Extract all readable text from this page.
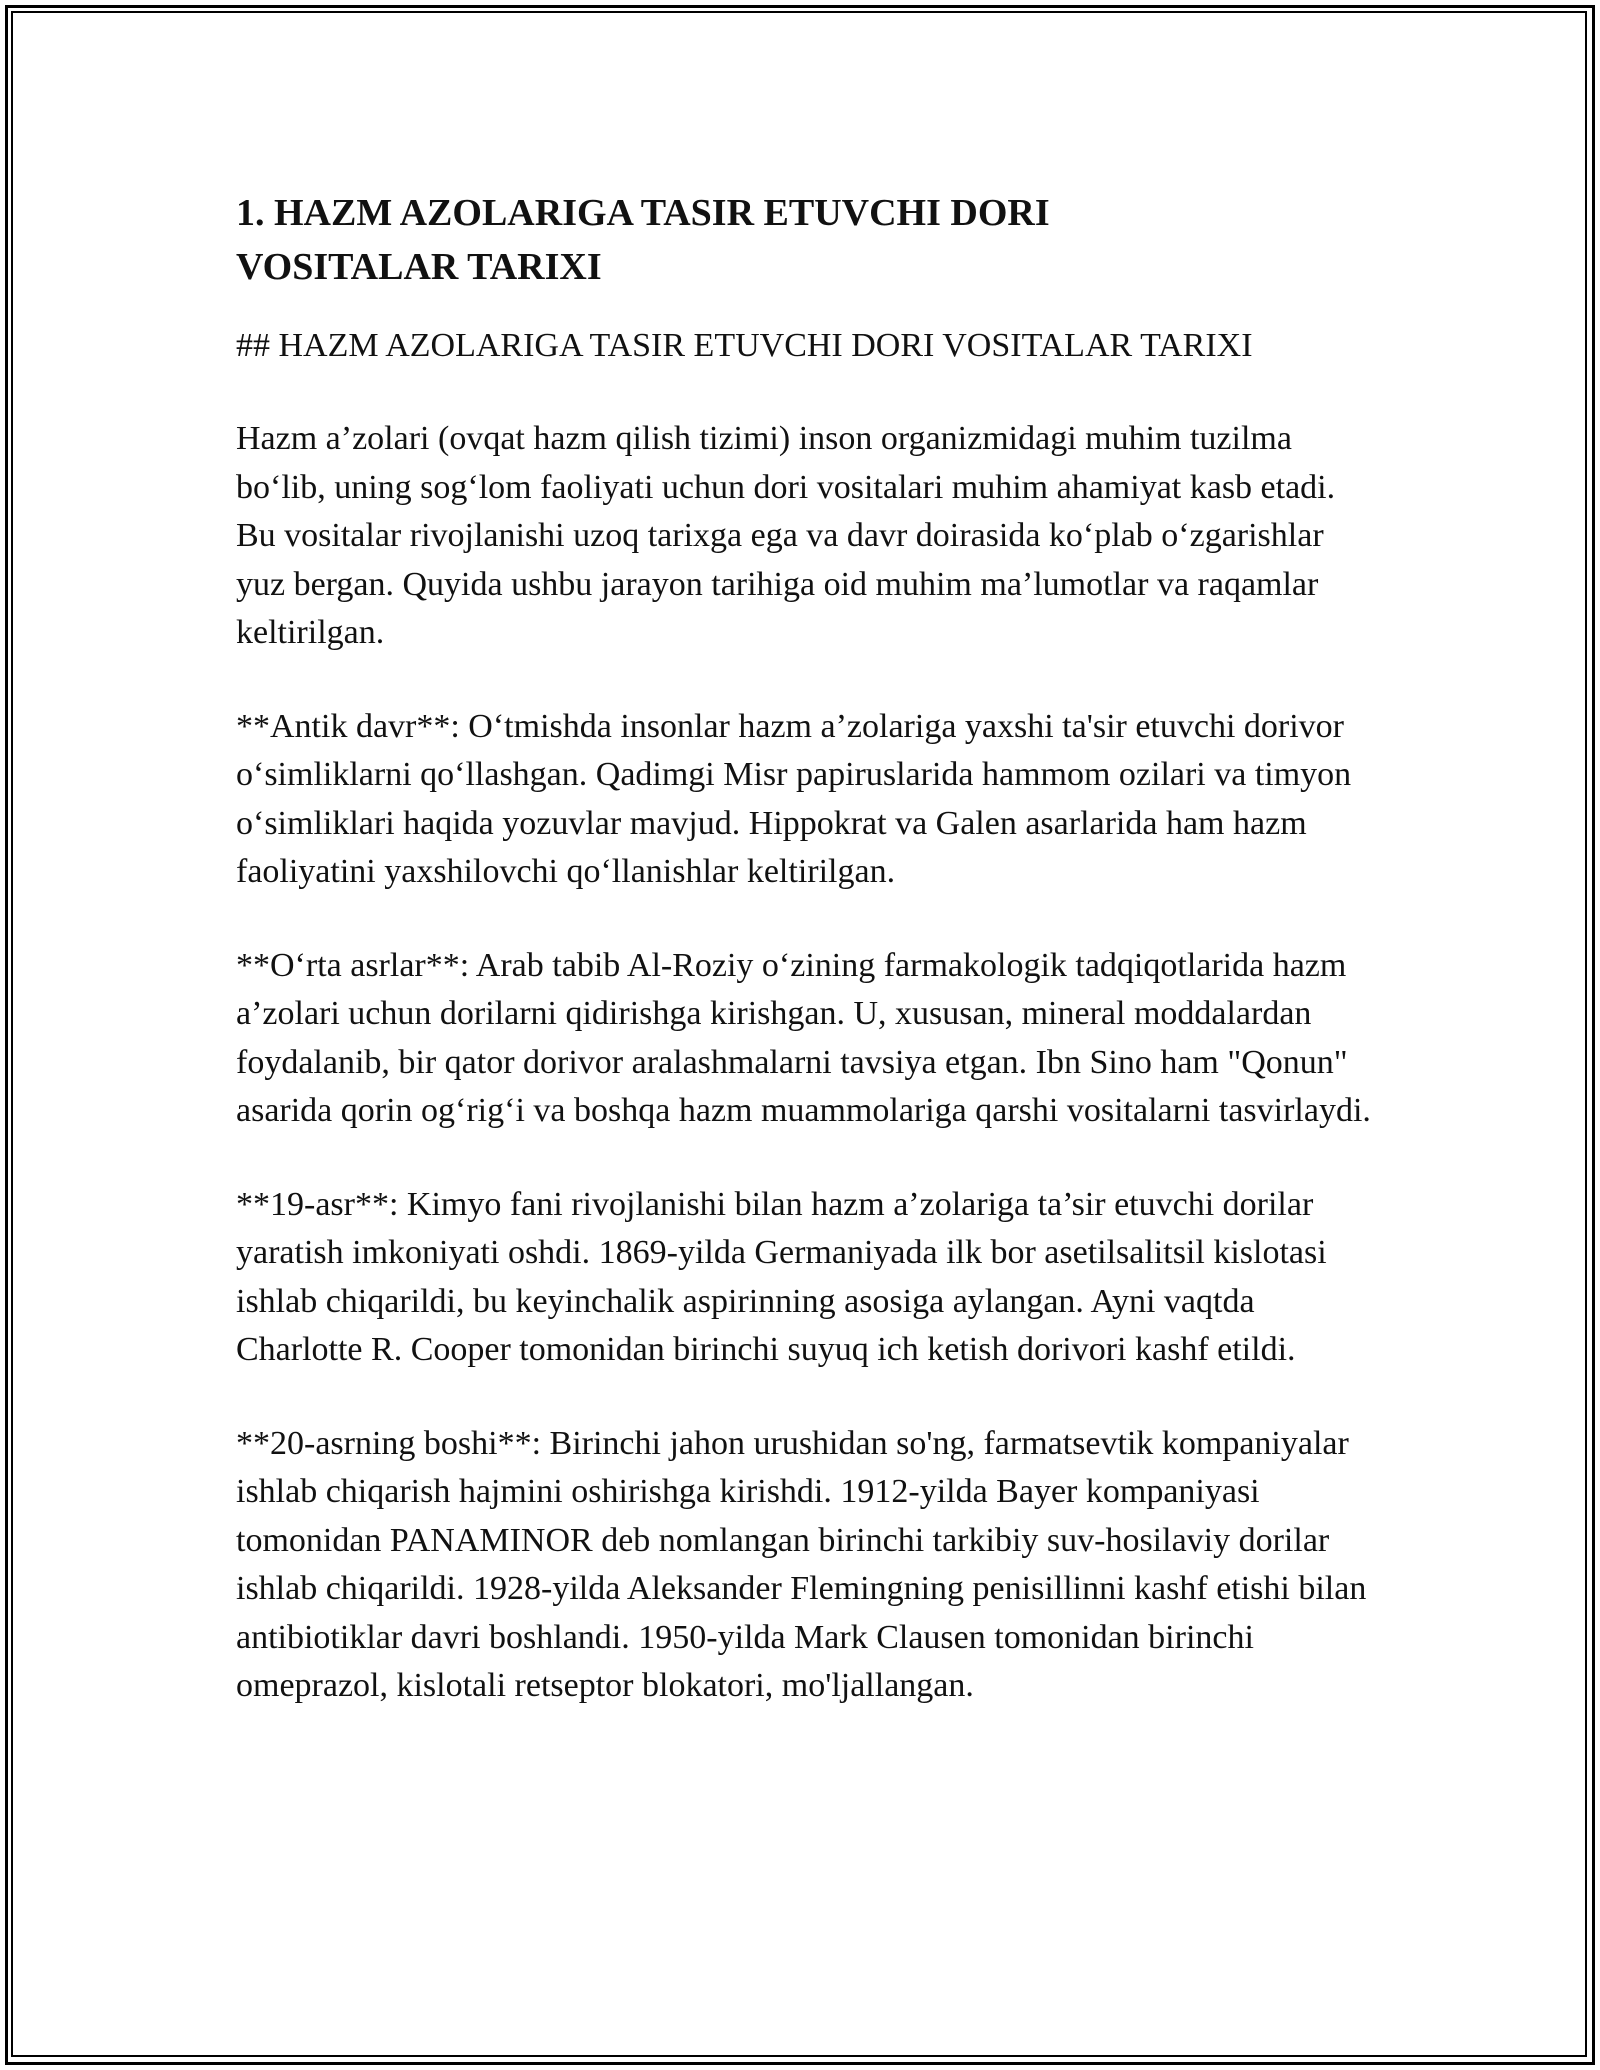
1. HAZM AZOLARIGA TASIR ETUVCHI DORI VOSITALAR TARIXI

## HAZM AZOLARIGA TASIR ETUVCHI DORI VOSITALAR TARIXI

Hazm a’zolari (ovqat hazm qilish tizimi) inson organizmidagi muhim tuzilma bo‘lib, uning sog‘lom faoliyati uchun dori vositalari muhim ahamiyat kasb etadi. Bu vositalar rivojlanishi uzoq tarixga ega va davr doirasida ko‘plab o‘zgarishlar yuz bergan. Quyida ushbu jarayon tarihiga oid muhim ma’lumotlar va raqamlar keltirilgan.

**Antik davr**: O‘tmishda insonlar hazm a’zolariga yaxshi ta'sir etuvchi dorivor o‘simliklarni qo‘llashgan. Qadimgi Misr papiruslarida hammom ozilari va timyon o‘simliklari haqida yozuvlar mavjud. Hippokrat va Galen asarlarida ham hazm faoliyatini yaxshilovchi qo‘llanishlar keltirilgan.

**O‘rta asrlar**: Arab tabib Al-Roziy o‘zining farmakologik tadqiqotlarida hazm a’zolari uchun dorilarni qidirishga kirishgan. U, xususan, mineral moddalardan foydalanib, bir qator dorivor aralashmalarni tavsiya etgan. Ibn Sino ham "Qonun" asarida qorin og‘rig‘i va boshqa hazm muammolariga qarshi vositalarni tasvirlaydi.

**19-asr**: Kimyo fani rivojlanishi bilan hazm a’zolariga ta’sir etuvchi dorilar yaratish imkoniyati oshdi. 1869-yilda Germaniyada ilk bor asetilsalitsil kislotasi ishlab chiqarildi, bu keyinchalik aspirinning asosiga aylangan. Ayni vaqtda Charlotte R. Cooper tomonidan birinchi suyuq ich ketish dorivori kashf etildi.

**20-asrning boshi**: Birinchi jahon urushidan so'ng, farmatsevtik kompaniyalar ishlab chiqarish hajmini oshirishga kirishdi. 1912-yilda Bayer kompaniyasi tomonidan PANAMINOR deb nomlangan birinchi tarkibiy suv-hosilaviy dorilar ishlab chiqarildi. 1928-yilda Aleksander Flemingning penisillinni kashf etishi bilan antibiotiklar davri boshlandi. 1950-yilda Mark Clausen tomonidan birinchi omeprazol, kislotali retseptor blokatori, mo'ljallangan.
